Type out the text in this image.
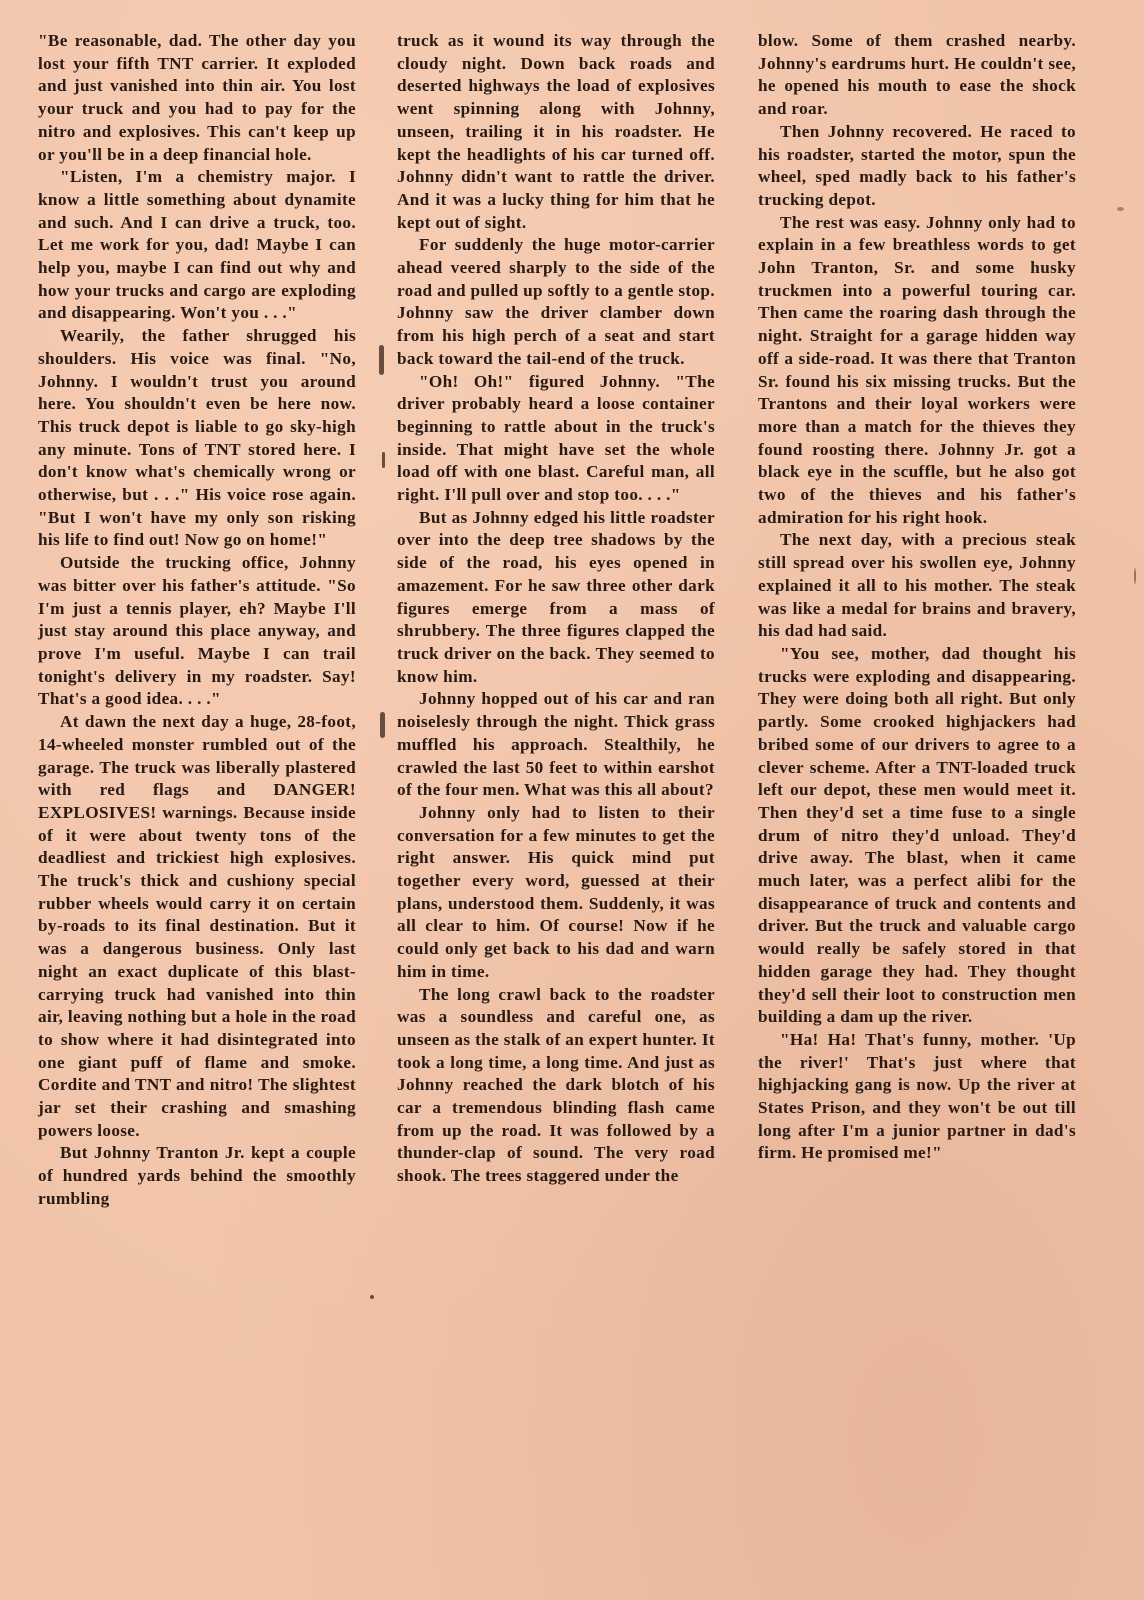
"Be reasonable, dad. The other day you lost your fifth TNT carrier. It exploded and just vanished into thin air. You lost your truck and you had to pay for the nitro and explosives. This can't keep up or you'll be in a deep financial hole.

"Listen, I'm a chemistry major. I know a little something about dynamite and such. And I can drive a truck, too. Let me work for you, dad! Maybe I can help you, maybe I can find out why and how your trucks and cargo are exploding and disappearing. Won't you . . ."

Wearily, the father shrugged his shoulders. His voice was final. "No, Johnny. I wouldn't trust you around here. You shouldn't even be here now. This truck depot is liable to go sky-high any minute. Tons of TNT stored here. I don't know what's chemically wrong or otherwise, but . . ." His voice rose again. "But I won't have my only son risking his life to find out! Now go on home!"

Outside the trucking office, Johnny was bitter over his father's attitude. "So I'm just a tennis player, eh? Maybe I'll just stay around this place anyway, and prove I'm useful. Maybe I can trail tonight's delivery in my roadster. Say! That's a good idea. . . ."

At dawn the next day a huge, 28-foot, 14-wheeled monster rumbled out of the garage. The truck was liberally plastered with red flags and DANGER! EXPLOSIVES! warnings. Because inside of it were about twenty tons of the deadliest and trickiest high explosives. The truck's thick and cushiony special rubber wheels would carry it on certain by-roads to its final destination. But it was a dangerous business. Only last night an exact duplicate of this blast-carrying truck had vanished into thin air, leaving nothing but a hole in the road to show where it had disintegrated into one giant puff of flame and smoke. Cordite and TNT and nitro! The slightest jar set their crashing and smashing powers loose.

But Johnny Tranton Jr. kept a couple of hundred yards behind the smoothly rumbling

truck as it wound its way through the cloudy night. Down back roads and deserted highways the load of explosives went spinning along with Johnny, unseen, trailing it in his roadster. He kept the headlights of his car turned off. Johnny didn't want to rattle the driver. And it was a lucky thing for him that he kept out of sight.

For suddenly the huge motor-carrier ahead veered sharply to the side of the road and pulled up softly to a gentle stop. Johnny saw the driver clamber down from his high perch of a seat and start back toward the tail-end of the truck.

"Oh! Oh!" figured Johnny. "The driver probably heard a loose container beginning to rattle about in the truck's inside. That might have set the whole load off with one blast. Careful man, all right. I'll pull over and stop too. . . ."

But as Johnny edged his little roadster over into the deep tree shadows by the side of the road, his eyes opened in amazement. For he saw three other dark figures emerge from a mass of shrubbery. The three figures clapped the truck driver on the back. They seemed to know him.

Johnny hopped out of his car and ran noiselesly through the night. Thick grass muffled his approach. Stealthily, he crawled the last 50 feet to within earshot of the four men. What was this all about?

Johnny only had to listen to their conversation for a few minutes to get the right answer. His quick mind put together every word, guessed at their plans, understood them. Suddenly, it was all clear to him. Of course! Now if he could only get back to his dad and warn him in time.

The long crawl back to the roadster was a soundless and careful one, as unseen as the stalk of an expert hunter. It took a long time, a long time. And just as Johnny reached the dark blotch of his car a tremendous blinding flash came from up the road. It was followed by a thunder-clap of sound. The very road shook. The trees staggered under the

blow. Some of them crashed nearby. Johnny's eardrums hurt. He couldn't see, he opened his mouth to ease the shock and roar.

Then Johnny recovered. He raced to his roadster, started the motor, spun the wheel, sped madly back to his father's trucking depot.

The rest was easy. Johnny only had to explain in a few breathless words to get John Tranton, Sr. and some husky truckmen into a powerful touring car. Then came the roaring dash through the night. Straight for a garage hidden way off a side-road. It was there that Tranton Sr. found his six missing trucks. But the Trantons and their loyal workers were more than a match for the thieves they found roosting there. Johnny Jr. got a black eye in the scuffle, but he also got two of the thieves and his father's admiration for his right hook.

The next day, with a precious steak still spread over his swollen eye, Johnny explained it all to his mother. The steak was like a medal for brains and bravery, his dad had said.

"You see, mother, dad thought his trucks were exploding and disappearing. They were doing both all right. But only partly. Some crooked highjackers had bribed some of our drivers to agree to a clever scheme. After a TNT-loaded truck left our depot, these men would meet it. Then they'd set a time fuse to a single drum of nitro they'd unload. They'd drive away. The blast, when it came much later, was a perfect alibi for the disappearance of truck and contents and driver. But the truck and valuable cargo would really be safely stored in that hidden garage they had. They thought they'd sell their loot to construction men building a dam up the river.

"Ha! Ha! That's funny, mother. 'Up the river!' That's just where that highjacking gang is now. Up the river at States Prison, and they won't be out till long after I'm a junior partner in dad's firm. He promised me!"
